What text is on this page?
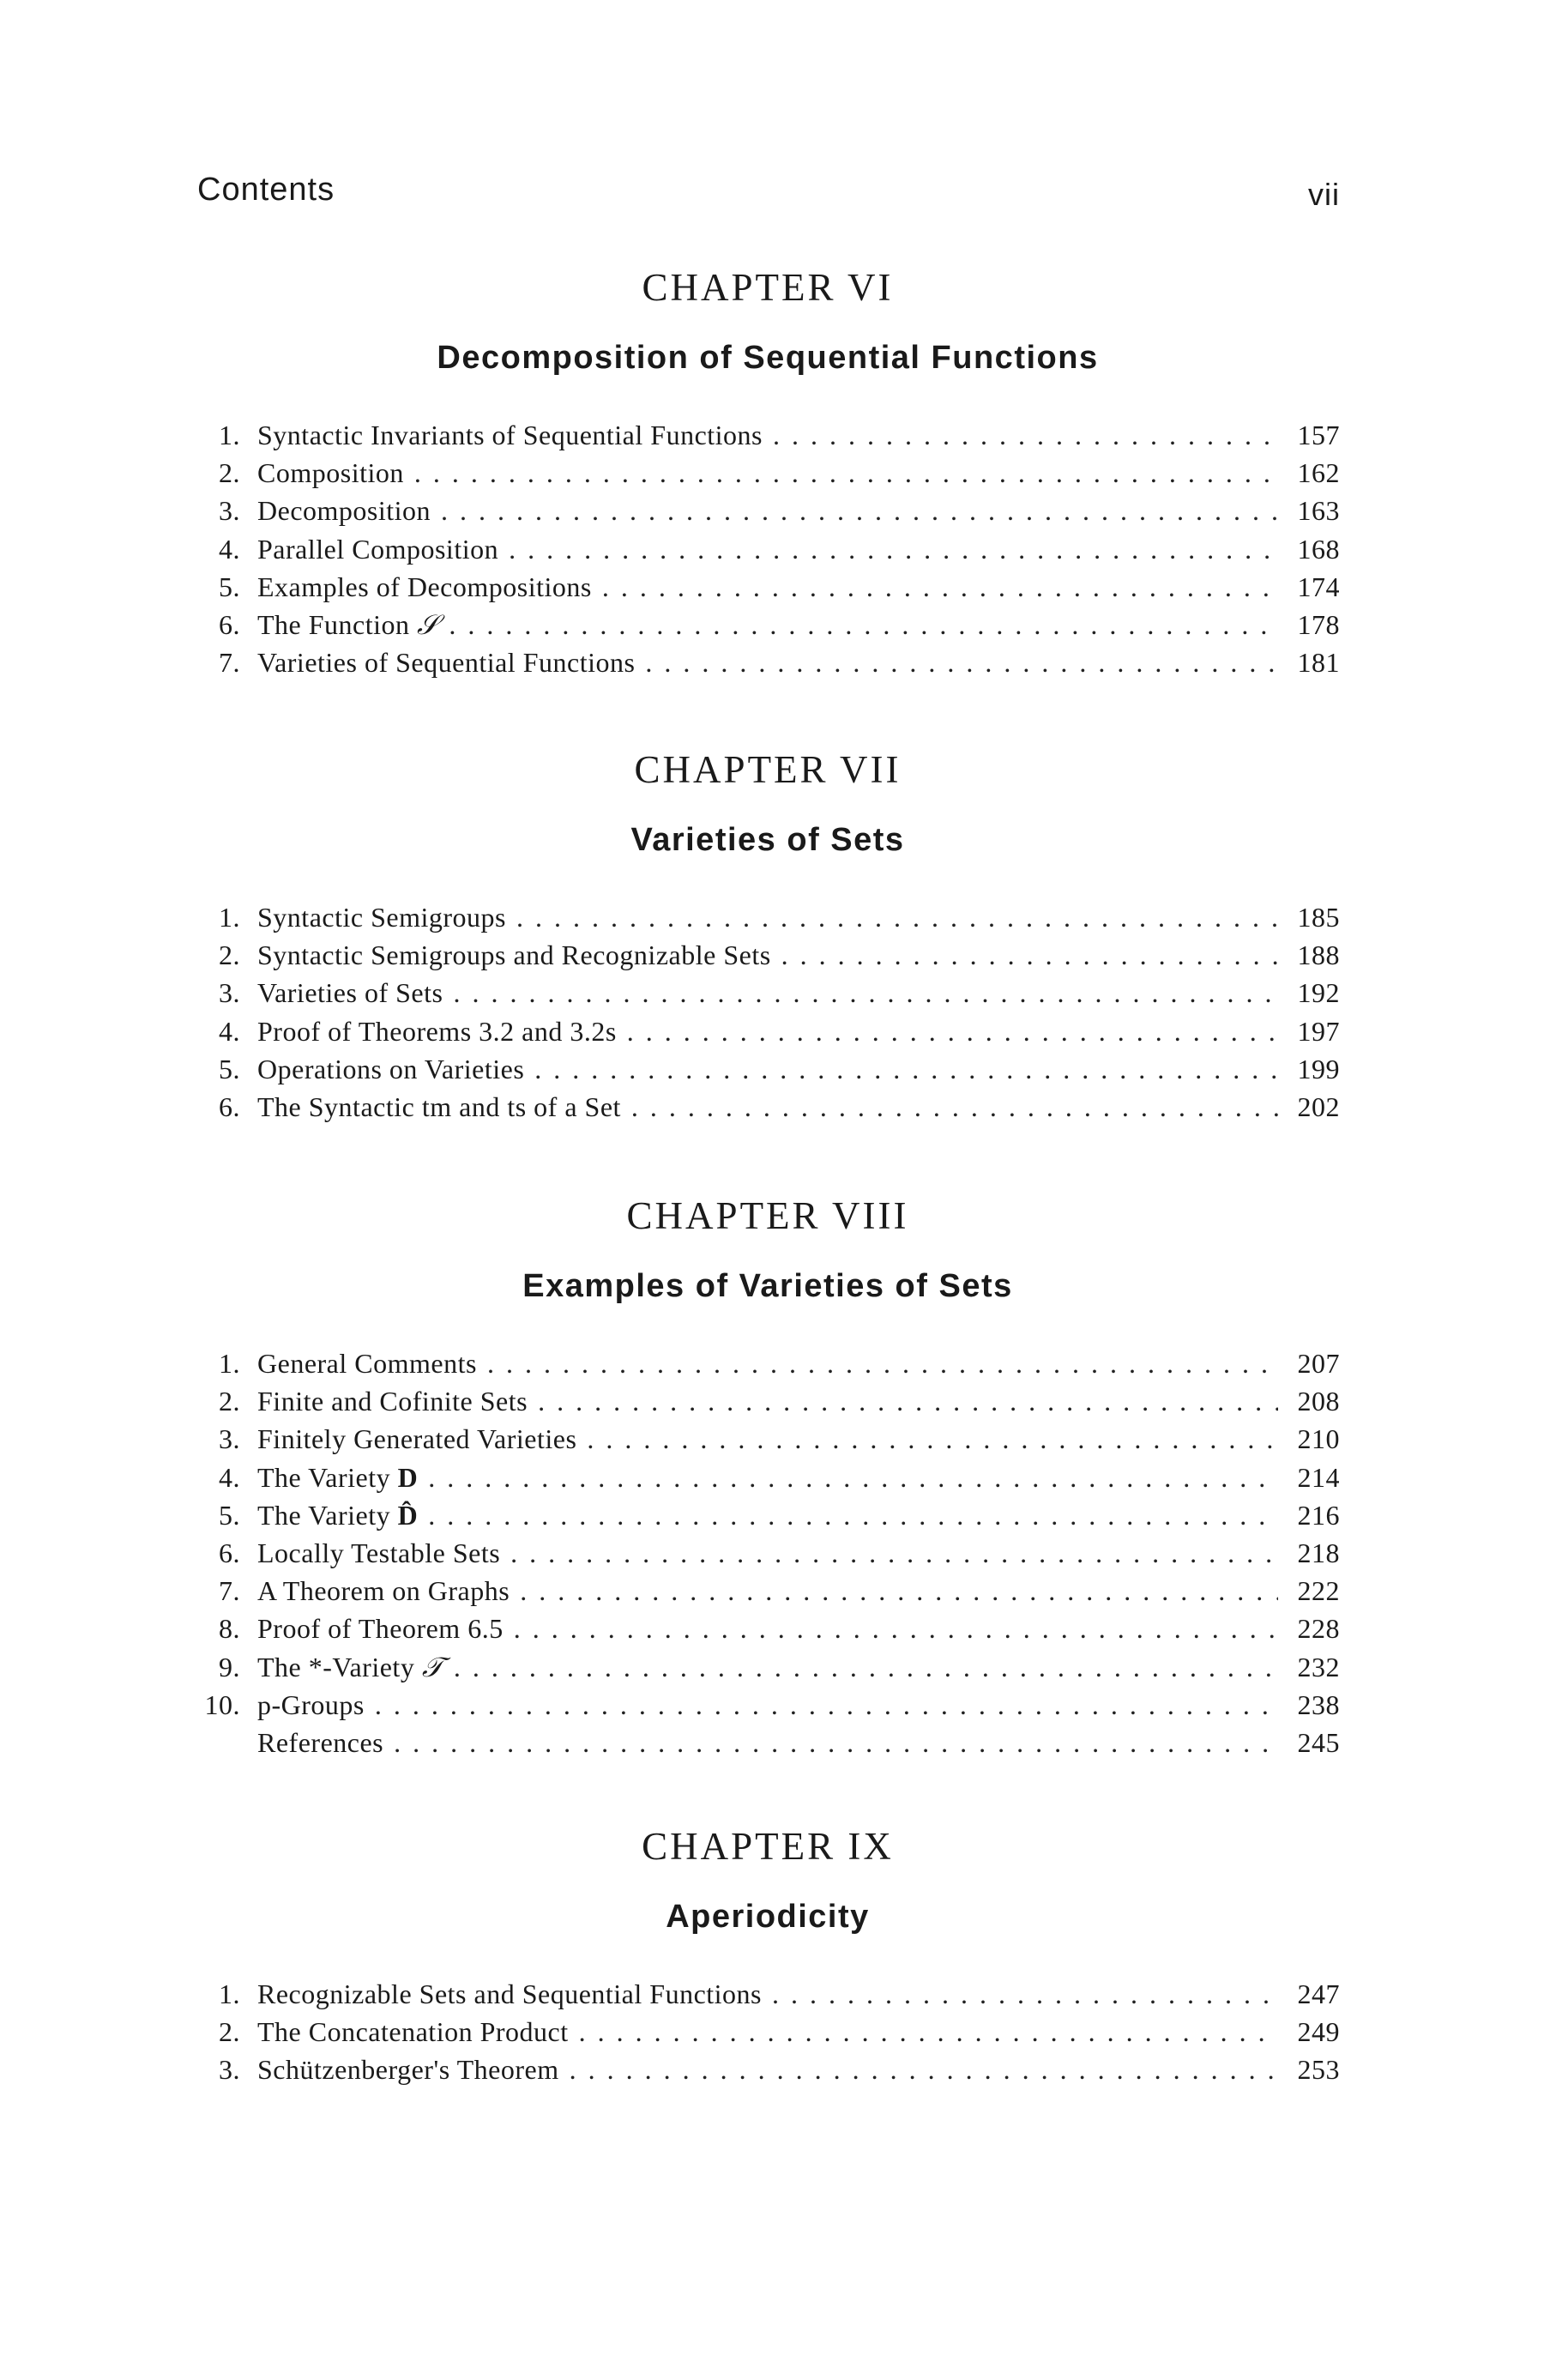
Contents	vii
CHAPTER VI
Decomposition of Sequential Functions
1. Syntactic Invariants of Sequential Functions . . .	157
2. Composition . . .	162
3. Decomposition . . .	163
4. Parallel Composition . . .	168
5. Examples of Decompositions . . .	174
6. The Function 𝒮 . . .	178
7. Varieties of Sequential Functions . . .	181
CHAPTER VII
Varieties of Sets
1. Syntactic Semigroups . . .	185
2. Syntactic Semigroups and Recognizable Sets . . .	188
3. Varieties of Sets . . .	192
4. Proof of Theorems 3.2 and 3.2s . . .	197
5. Operations on Varieties . . .	199
6. The Syntactic tm and ts of a Set . . .	202
CHAPTER VIII
Examples of Varieties of Sets
1. General Comments . . .	207
2. Finite and Cofinite Sets . . .	208
3. Finitely Generated Varieties . . .	210
4. The Variety D . . .	214
5. The Variety D̂ . . .	216
6. Locally Testable Sets . . .	218
7. A Theorem on Graphs . . .	222
8. Proof of Theorem 6.5 . . .	228
9. The *-Variety 𝒯 . . .	232
10. p-Groups . . .	238
References . . .	245
CHAPTER IX
Aperiodicity
1. Recognizable Sets and Sequential Functions . . .	247
2. The Concatenation Product . . .	249
3. Schützenberger's Theorem . . .	253
